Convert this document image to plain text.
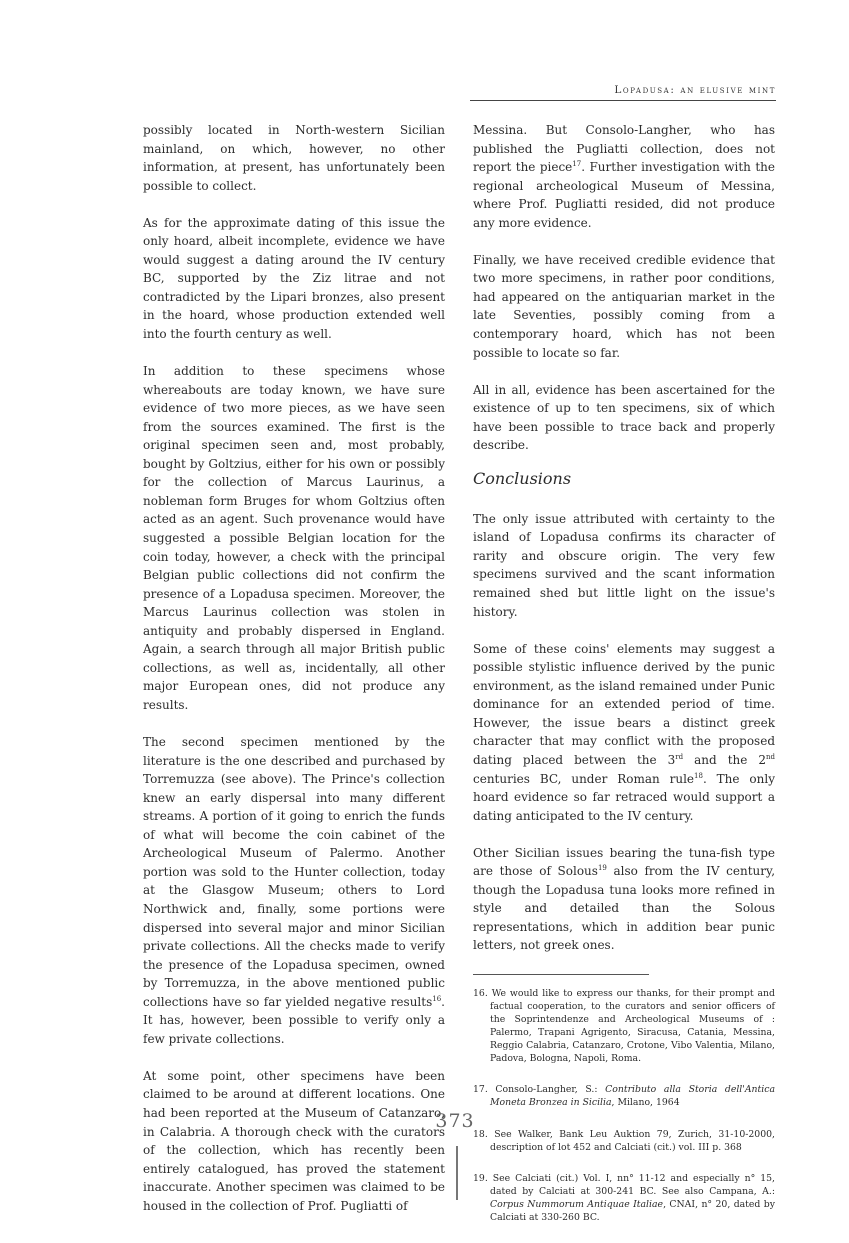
Lopadusa: an elusive mint

possibly located in North-western Sicilian mainland, on which, however, no other information, at present, has unfortunately been possible to collect.

As for the approximate dating of this issue the only hoard, albeit incomplete, evidence we have would suggest a dating around the IV century BC, supported by the Ziz litrae and not contradicted by the Lipari bronzes, also present in the hoard, whose production extended well into the fourth century as well.

In addition to these specimens whose whereabouts are today known, we have sure evidence of two more pieces, as we have seen from the sources examined. The first is the original specimen seen and, most probably, bought by Goltzius, either for his own or possibly for the collection of Marcus Laurinus, a nobleman form Bruges for whom Goltzius often acted as an agent. Such provenance would have suggested a possible Belgian location for the coin today, however, a check with the principal Belgian public collections did not confirm the presence of a Lopadusa specimen. Moreover, the Marcus Laurinus collection was stolen in antiquity and probably dispersed in England. Again, a search through all major British public collections, as well as, incidentally, all other major European ones, did not produce any results.

The second specimen mentioned by the literature is the one described and purchased by Torremuzza (see above). The Prince's collection knew an early dispersal into many different streams. A portion of it going to enrich the funds of what will become the coin cabinet of the Archeological Museum of Palermo. Another portion was sold to the Hunter collection, today at the Glasgow Museum; others to Lord Northwick and, finally, some portions were dispersed into several major and minor Sicilian private collections. All the checks made to verify the presence of the Lopadusa specimen, owned by Torremuzza, in the above mentioned public collections have so far yielded negative results$^{16}$. It has, however, been possible to verify only a few private collections.

At some point, other specimens have been claimed to be around at different locations. One had been reported at the Museum of Catanzaro, in Calabria. A thorough check with the curators of the collection, which has recently been entirely catalogued, has proved the statement inaccurate. Another specimen was claimed to be housed in the collection of Prof. Pugliatti of

Messina. But Consolo-Langher, who has published the Pugliatti collection, does not report the piece$^{17}$. Further investigation with the regional archeological Museum of Messina, where Prof. Pugliatti resided, did not produce any more evidence.

Finally, we have received credible evidence that two more specimens, in rather poor conditions, had appeared on the antiquarian market in the late Seventies, possibly coming from a contemporary hoard, which has not been possible to locate so far.

All in all, evidence has been ascertained for the existence of up to ten specimens, six of which have been possible to trace back and properly describe.

Conclusions

The only issue attributed with certainty to the island of Lopadusa confirms its character of rarity and obscure origin. The very few specimens survived and the scant information remained shed but little light on the issue's history.

Some of these coins' elements may suggest a possible stylistic influence derived by the punic environment, as the island remained under Punic dominance for an extended period of time. However, the issue bears a distinct greek character that may conflict with the proposed dating placed between the 3rd and the 2nd centuries BC, under Roman rule$^{18}$. The only hoard evidence so far retraced would support a dating anticipated to the IV century.

Other Sicilian issues bearing the tuna-fish type are those of Solous$^{19}$ also from the IV century, though the Lopadusa tuna looks more refined in style and detailed than the Solous representations, which in addition bear punic letters, not greek ones.

16. We would like to express our thanks, for their prompt and factual cooperation, to the curators and senior officers of the Soprintendenze and Archeological Museums of : Palermo, Trapani Agrigento, Siracusa, Catania, Messina, Reggio Calabria, Catanzaro, Crotone, Vibo Valentia, Milano, Padova, Bologna, Napoli, Roma.

17. Consolo-Langher, S.: Contributo alla Storia dell'Antica Moneta Bronzea in Sicilia, Milano, 1964

18. See Walker, Bank Leu Auktion 79, Zurich, 31-10-2000, description of lot 452 and Calciati (cit.) vol. III p. 368

19. See Calciati (cit.) Vol. I, nn° 11-12 and especially n° 15, dated by Calciati at 300-241 BC. See also Campana, A.: Corpus Nummorum Antiquae Italiae, CNAI, n° 20, dated by Calciati at 330-260 BC.

373
